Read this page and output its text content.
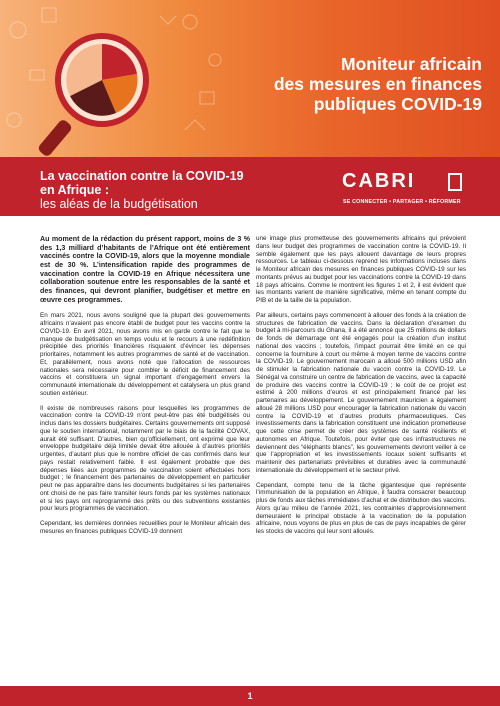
Moniteur africain
des mesures en finances
publiques COVID-19
La vaccination contre la COVID-19
en Afrique :
les aléas de la budgétisation
CABRI
SE CONNECTER • PARTAGER • RÉFORMER

Au moment de la rédaction du présent rapport, moins de 3 % des 1,3 milliard d’habitants de l’Afrique ont été entièrement vaccinés contre la COVID-19, alors que la moyenne mondiale est de 30 %. L’intensification rapide des programmes de vaccination contre la COVID-19 en Afrique nécessitera une collaboration soutenue entre les responsables de la santé et des finances, qui devront planifier, budgétiser et mettre en œuvre ces programmes.

En mars 2021, nous avons souligné que la plupart des gouvernements africains n’avaient pas encore établi de budget pour les vaccins contre la COVID-19. En avril 2021, nous avons mis en garde contre le fait que le manque de budgétisation en temps voulu et le recours à une redéfinition précipitée des priorités financières risquaient d’évincer les dépenses prioritaires, notamment les autres programmes de santé et de vaccination. Et, parallèlement, nous avons noté que l’allocation de ressources nationales sera nécessaire pour combler le déficit de financement des vaccins et constituera un signal important d’engagement envers la communauté internationale du développement et catalysera un plus grand soutien extérieur.

Il existe de nombreuses raisons pour lesquelles les programmes de vaccination contre la COVID-19 n’ont peut-être pas été budgétisés ou inclus dans les dossiers budgétaires. Certains gouvernements ont supposé que le soutien international, notamment par le biais de la facilité COVAX, aurait été suffisant. D’autres, bien qu’officiellement, ont exprimé que leur enveloppe budgétaire déjà limitée devait être allouée à d’autres priorités urgentes, d’autant plus que le nombre officiel de cas confirmés dans leur pays restait relativement faible. Il est également probable que des dépenses liées aux programmes de vaccination soient effectuées hors budget ; le financement des partenaires de développement en particulier peut ne pas apparaître dans les documents budgétaires si les partenaires ont choisi de ne pas faire transiter leurs fonds par les systèmes nationaux et si les pays ont reprogrammé des prêts ou des subventions existantes pour leurs programmes de vaccination.

Cependant, les dernières données recueillies pour le Moniteur africain des mesures en finances publiques COVID-19 donnent

une image plus prometteuse des gouvernements africains qui prévoient dans leur budget des programmes de vaccination contre la COVID-19. Il semble également que les pays allouent davantage de leurs propres ressources. Le tableau ci-dessous reprend les informations incluses dans le Moniteur africain des mesures en finances publiques COVID-19 sur les montants prévus au budget pour les vaccinations contre la COVID-19 dans 18 pays africains. Comme le montrent les figures 1 et 2, il est évident que les montants varient de manière significative, même en tenant compte du PIB et de la taille de la population.

Par ailleurs, certains pays commencent à allouer des fonds à la création de structures de fabrication de vaccins. Dans la déclaration d’examen du budget à mi-parcours du Ghana, il a été annoncé que 25 millions de dollars de fonds de démarrage ont été engagés pour la création d’un institut national des vaccins ; toutefois, l’impact pourrait être limité en ce qui concerne la fourniture à court ou même à moyen terme de vaccins contre la COVID-19. Le gouvernement marocain a alloué 500 millions USD afin de stimuler la fabrication nationale du vaccin contre la COVID-19. Le Sénégal va construire un centre de fabrication de vaccins, avec la capacité de produire des vaccins contre la COVID-19 ; le coût de ce projet est estimé à 200 millions d’euros et est principalement financé par les partenaires au développement. Le gouvernement mauricien a également alloué 28 millions USD pour encourager la fabrication nationale du vaccin contre la COVID-19 et d’autres produits pharmaceutiques. Ces investissements dans la fabrication constituent une indication prometteuse que cette crise permet de créer des systèmes de santé résilients et autonomes en Afrique. Toutefois, pour éviter que ces infrastructures ne deviennent des “éléphants blancs”, les gouvernements devront veiller à ce que l’appropriation et les investissements locaux soient suffisants et maintenir des partenariats prévisibles et durables avec la communauté internationale du développement et le secteur privé.

Cependant, compte tenu de la tâche gigantesque que représente l’immunisation de la population en Afrique, il faudra consacrer beaucoup plus de fonds aux tâches immédiates d’achat et de distribution des vaccins. Alors qu’au milieu de l’année 2021, les contraintes d’approvisionnement demeuraient le principal obstacle à la vaccination de la population africaine, nous voyons de plus en plus de cas de pays incapables de gérer les stocks de vaccins qui leur sont alloués.

1
